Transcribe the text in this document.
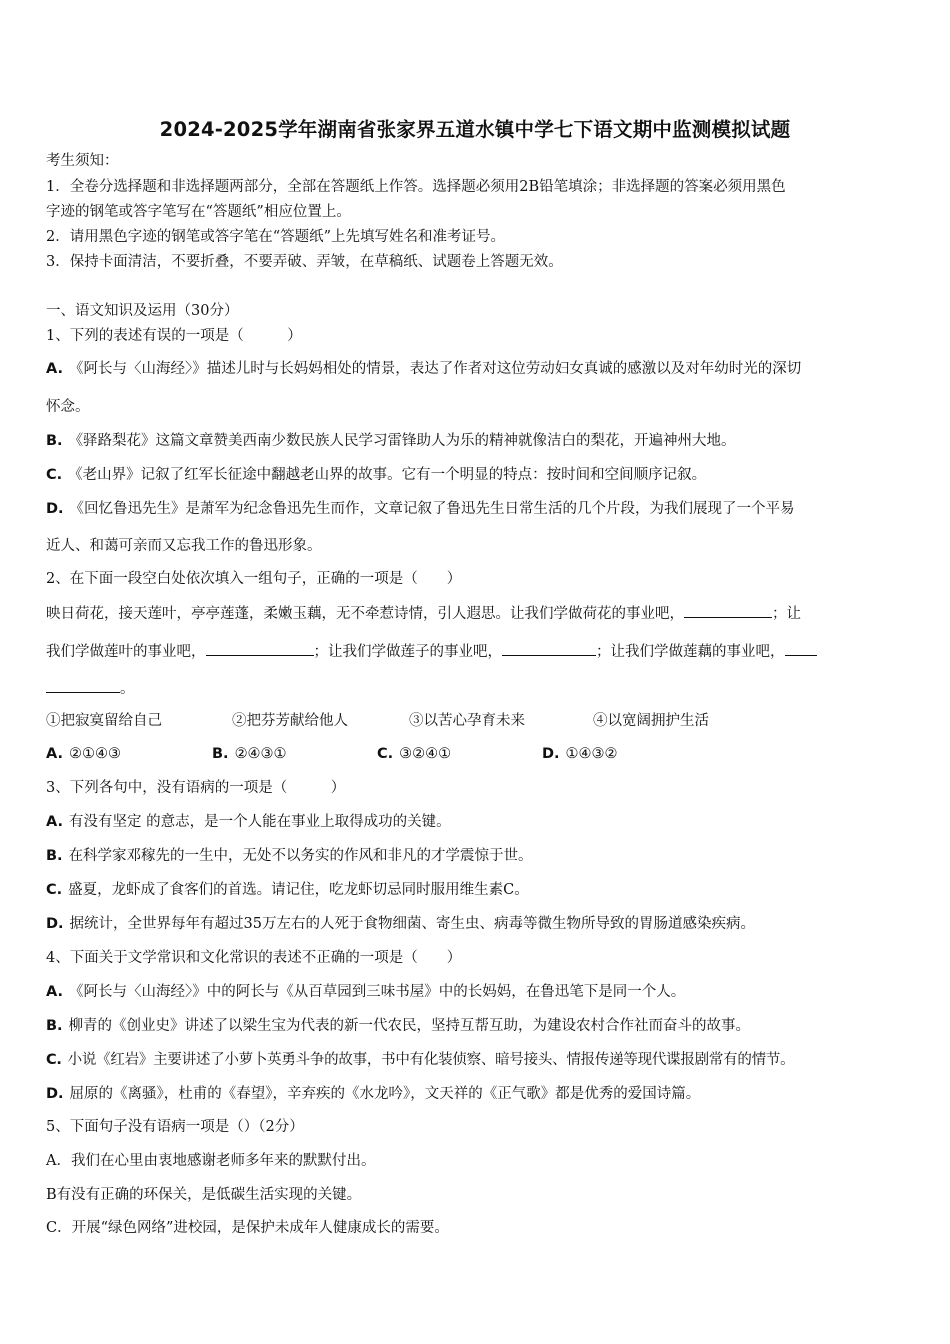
2024-2025学年湖南省张家界五道水镇中学七下语文期中监测模拟试题
考生须知：
1．全卷分选择题和非选择题两部分，全部在答题纸上作答。选择题必须用2B铅笔填涂；非选择题的答案必须用黑色
字迹的钢笔或答字笔写在“答题纸”相应位置上。
2．请用黑色字迹的钢笔或答字笔在“答题纸”上先填写姓名和准考证号。
3．保持卡面清洁，不要折叠，不要弄破、弄皱，在草稿纸、试题卷上答题无效。
一、语文知识及运用（30分）
1、下列的表述有误的一项是（　　　）
A. 《阿长与〈山海经〉》描述儿时与长妈妈相处的情景，表达了作者对这位劳动妇女真诚的感激以及对年幼时光的深切
怀念。
B. 《驿路梨花》这篇文章赞美西南少数民族人民学习雷锋助人为乐的精神就像洁白的梨花，开遍神州大地。
C. 《老山界》记叙了红军长征途中翻越老山界的故事。它有一个明显的特点：按时间和空间顺序记叙。
D. 《回忆鲁迅先生》是萧军为纪念鲁迅先生而作，文章记叙了鲁迅先生日常生活的几个片段，为我们展现了一个平易
近人、和蔼可亲而又忘我工作的鲁迅形象。
2、在下面一段空白处依次填入一组句子，正确的一项是（　　）
映日荷花，接天莲叶，亭亭莲蓬，柔嫩玉藕，无不牵惹诗情，引人遐思。让我们学做荷花的事业吧，	；让
我们学做莲叶的事业吧，	；让我们学做莲子的事业吧，	；让我们学做莲藕的事业吧，
。
①把寂寞留给自己	②把芬芳献给他人	③以苦心孕育未来	④以宽阔拥护生活
A. ②①④③	B. ②④③①	C. ③②④①	D. ①④③②
3、下列各句中，没有语病的一项是（　　　）
A. 有没有坚定 的意志，是一个人能在事业上取得成功的关键。
B. 在科学家邓稼先的一生中，无处不以务实的作风和非凡的才学震惊于世。
C. 盛夏，龙虾成了食客们的首选。请记住，吃龙虾切忌同时服用维生素C。
D. 据统计，全世界每年有超过35万左右的人死于食物细菌、寄生虫、病毒等微生物所导致的胃肠道感染疾病。
4、下面关于文学常识和文化常识的表述不正确的一项是（　　）
A. 《阿长与〈山海经〉》中的阿长与《从百草园到三味书屋》中的长妈妈，在鲁迅笔下是同一个人。
B. 柳青的《创业史》讲述了以梁生宝为代表的新一代农民，坚持互帮互助，为建设农村合作社而奋斗的故事。
C. 小说《红岩》主要讲述了小萝卜英勇斗争的故事，书中有化装侦察、暗号接头、情报传递等现代谍报剧常有的情节。
D. 屈原的《离骚》，杜甫的《春望》，辛弃疾的《水龙吟》，文天祥的《正气歌》都是优秀的爱国诗篇。
5、下面句子没有语病一项是（）（2分）
A．我们在心里由衷地感谢老师多年来的默默付出。
B有没有正确的环保关，是低碳生活实现的关键。
C．开展“绿色网络”进校园，是保护未成年人健康成长的需要。
